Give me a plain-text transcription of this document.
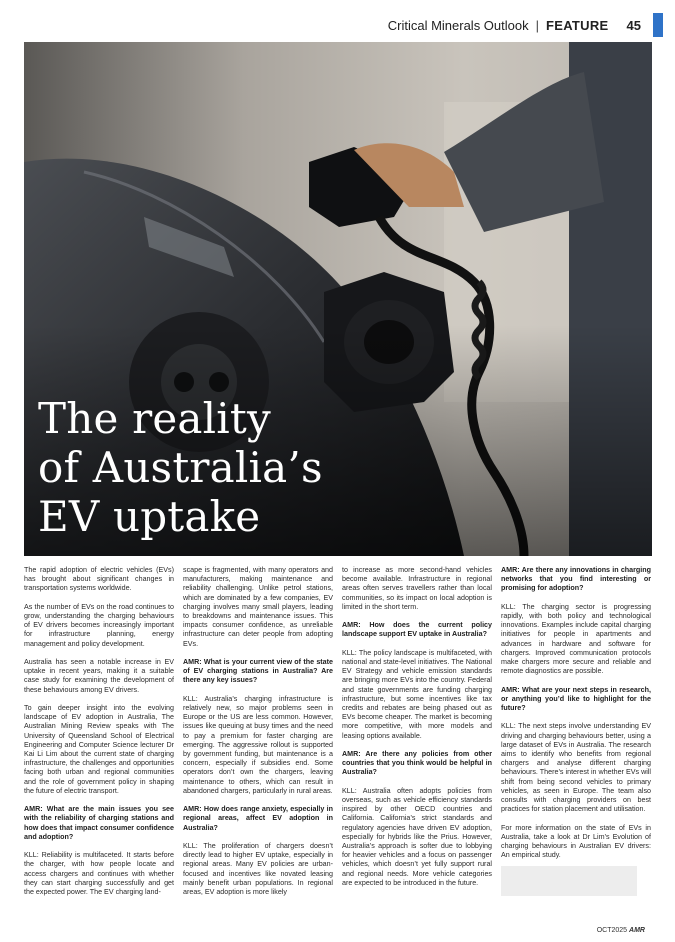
Critical Minerals Outlook | FEATURE 45
The reality
of Australia’s
EV uptake

The rapid adoption of electric vehicles (EVs) has brought about significant changes in transportation systems worldwide.

As the number of EVs on the road continues to grow, understanding the charging behaviours of EV drivers becomes increasingly important for infrastructure planning, energy management and policy development.

Australia has seen a notable increase in EV uptake in recent years, making it a suitable case study for examining the development of these behaviours among EV drivers.

To gain deeper insight into the evolving landscape of EV adoption in Australia, The Australian Mining Review speaks with The University of Queensland School of Electrical Engineering and Computer Science lecturer Dr Kai Li Lim about the current state of charging infrastructure, the challenges and opportunities facing both urban and regional communities and the role of government policy in shaping the future of electric transport.

AMR: What are the main issues you see with the reliability of charging stations and how does that impact consumer confidence and adoption?

KLL: Reliability is multifaceted. It starts before the charger, with how people locate and access chargers and continues with whether they can start charging successfully and get the expected power. The EV charging land-

scape is fragmented, with many operators and manufacturers, making maintenance and reliability challenging. Unlike petrol stations, which are dominated by a few companies, EV charging involves many small players, leading to breakdowns and maintenance issues. This impacts consumer confidence, as unreliable infrastructure can deter people from adopting EVs.

AMR: What is your current view of the state of EV charging stations in Australia? Are there any key issues?

KLL: Australia’s charging infrastructure is relatively new, so major problems seen in Europe or the US are less common. However, issues like queuing at busy times and the need to pay a premium for faster charging are emerging. The aggressive rollout is supported by government funding, but maintenance is a concern, especially if subsidies end. Some operators don’t own the chargers, leaving maintenance to others, which can result in abandoned chargers, particularly in rural areas.

AMR: How does range anxiety, especially in regional areas, affect EV adoption in Australia?

KLL: The proliferation of chargers doesn’t directly lead to higher EV uptake, especially in regional areas. Many EV policies are urban-focused and incentives like novated leasing mainly benefit urban populations. In regional areas, EV adoption is more likely

to increase as more second-hand vehicles become available. Infrastructure in regional areas often serves travellers rather than local communities, so its impact on local adoption is limited in the short term.

AMR: How does the current policy landscape support EV uptake in Australia?

KLL: The policy landscape is multifaceted, with national and state-level initiatives. The National EV Strategy and vehicle emission standards are bringing more EVs into the country. Federal and state governments are funding charging infrastructure, but some incentives like tax credits and rebates are being phased out as EVs become cheaper. The market is becoming more competitive, with more models and leasing options available.

AMR: Are there any policies from other countries that you think would be helpful in Australia?

KLL: Australia often adopts policies from overseas, such as vehicle efficiency standards inspired by other OECD countries and California. California’s strict standards and regulatory agencies have driven EV adoption, especially for hybrids like the Prius. However, Australia’s approach is softer due to lobbying for heavier vehicles and a focus on passenger vehicles, which doesn’t yet fully support rural and regional needs. More vehicle categories are expected to be introduced in the future.

AMR: Are there any innovations in charging networks that you find interesting or promising for adoption?

KLL: The charging sector is progressing rapidly, with both policy and technological innovations. Examples include capital charging initiatives for people in apartments and advances in hardware and software for chargers. Improved communication protocols make chargers more secure and reliable and remote diagnostics are possible.

AMR: What are your next steps in research, or anything you’d like to highlight for the future?

KLL: The next steps involve understanding EV driving and charging behaviours better, using a large dataset of EVs in Australia. The research aims to identify who benefits from regional chargers and analyse different charging behaviours. There’s interest in whether EVs will shift from being second vehicles to primary vehicles, as seen in Europe. The team also consults with charging providers on best practices for station placement and utilisation.

For more information on the state of EVs in Australia, take a look at Dr Lim’s Evolution of charging behaviours in Australian EV drivers: An empirical study.

OCT2025 AMR
